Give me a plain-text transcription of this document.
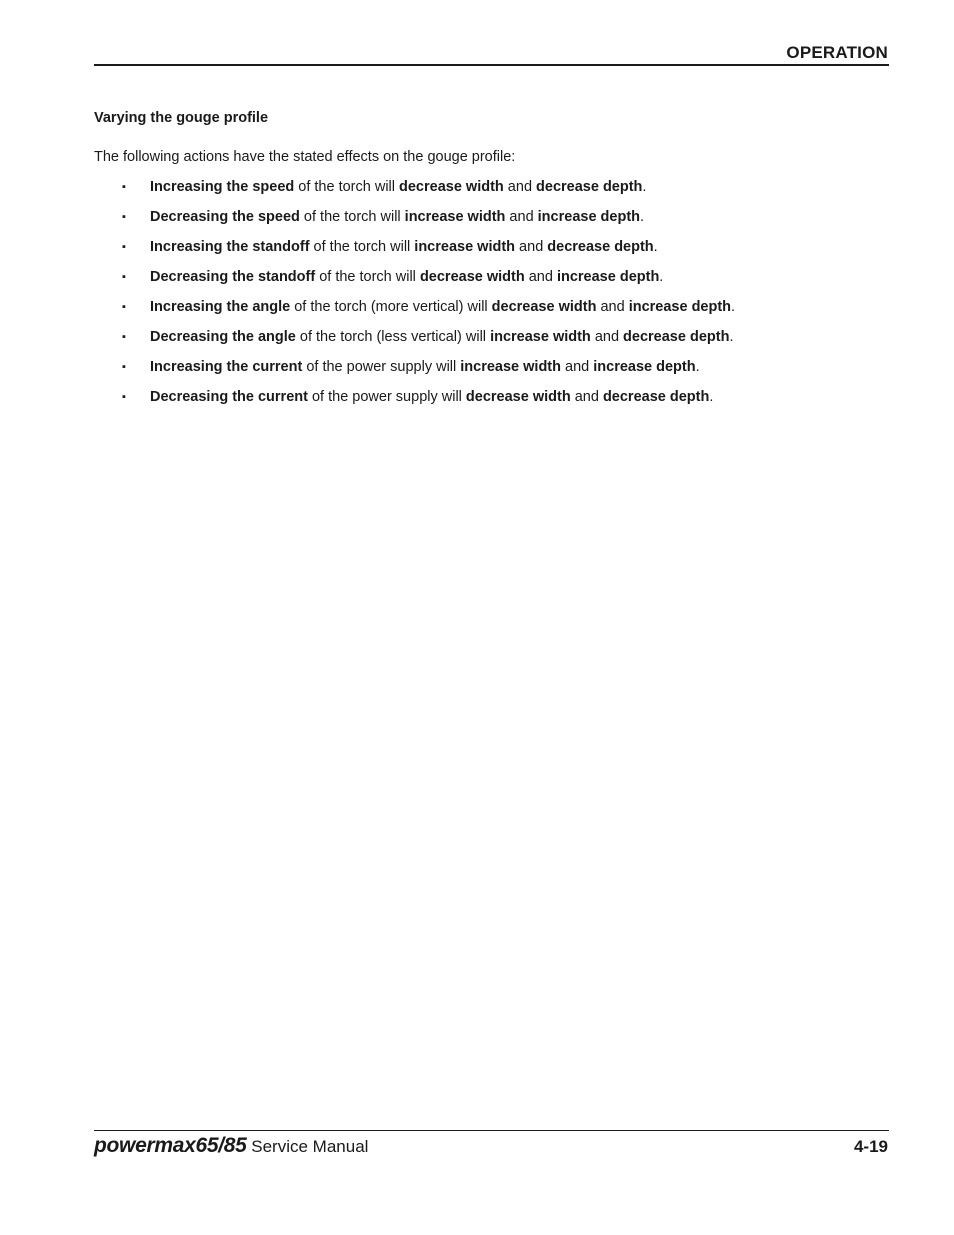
OPERATION
Varying the gouge profile
The following actions have the stated effects on the gouge profile:
▪ Increasing the speed of the torch will decrease width and decrease depth.
▪ Decreasing the speed of the torch will increase width and increase depth.
▪ Increasing the standoff of the torch will increase width and decrease depth.
▪ Decreasing the standoff of the torch will decrease width and increase depth.
▪ Increasing the angle of the torch (more vertical) will decrease width and increase depth.
▪ Decreasing the angle of the torch (less vertical) will increase width and decrease depth.
▪ Increasing the current of the power supply will increase width and increase depth.
▪ Decreasing the current of the power supply will decrease width and decrease depth.
powermax65/85 Service Manual	4-19
